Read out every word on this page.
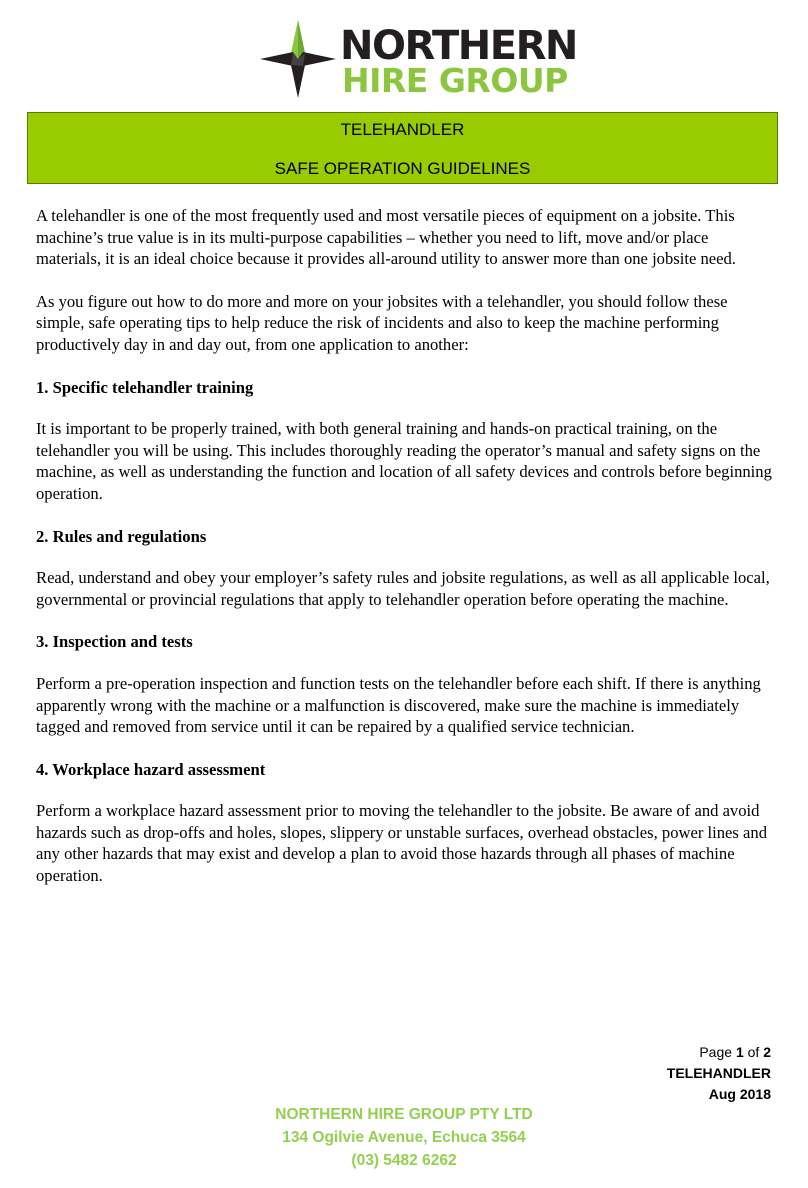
NORTHERN
HIRE GROUP
TELEHANDLER
SAFE OPERATION GUIDELINES

A telehandler is one of the most frequently used and most versatile pieces of equipment on a jobsite. This machine’s true value is in its multi-purpose capabilities – whether you need to lift, move and/or place materials, it is an ideal choice because it provides all-around utility to answer more than one jobsite need.

As you figure out how to do more and more on your jobsites with a telehandler, you should follow these simple, safe operating tips to help reduce the risk of incidents and also to keep the machine performing productively day in and day out, from one application to another:

1. Specific telehandler training

It is important to be properly trained, with both general training and hands-on practical training, on the telehandler you will be using. This includes thoroughly reading the operator’s manual and safety signs on the machine, as well as understanding the function and location of all safety devices and controls before beginning operation.

2. Rules and regulations

Read, understand and obey your employer’s safety rules and jobsite regulations, as well as all applicable local, governmental or provincial regulations that apply to telehandler operation before operating the machine.

3. Inspection and tests

Perform a pre-operation inspection and function tests on the telehandler before each shift. If there is anything apparently wrong with the machine or a malfunction is discovered, make sure the machine is immediately tagged and removed from service until it can be repaired by a qualified service technician.

4. Workplace hazard assessment

Perform a workplace hazard assessment prior to moving the telehandler to the jobsite. Be aware of and avoid hazards such as drop-offs and holes, slopes, slippery or unstable surfaces, overhead obstacles, power lines and any other hazards that may exist and develop a plan to avoid those hazards through all phases of machine operation.

Page 1 of 2
TELEHANDLER
Aug 2018
NORTHERN HIRE GROUP PTY LTD
134 Ogilvie Avenue, Echuca 3564
(03) 5482 6262
